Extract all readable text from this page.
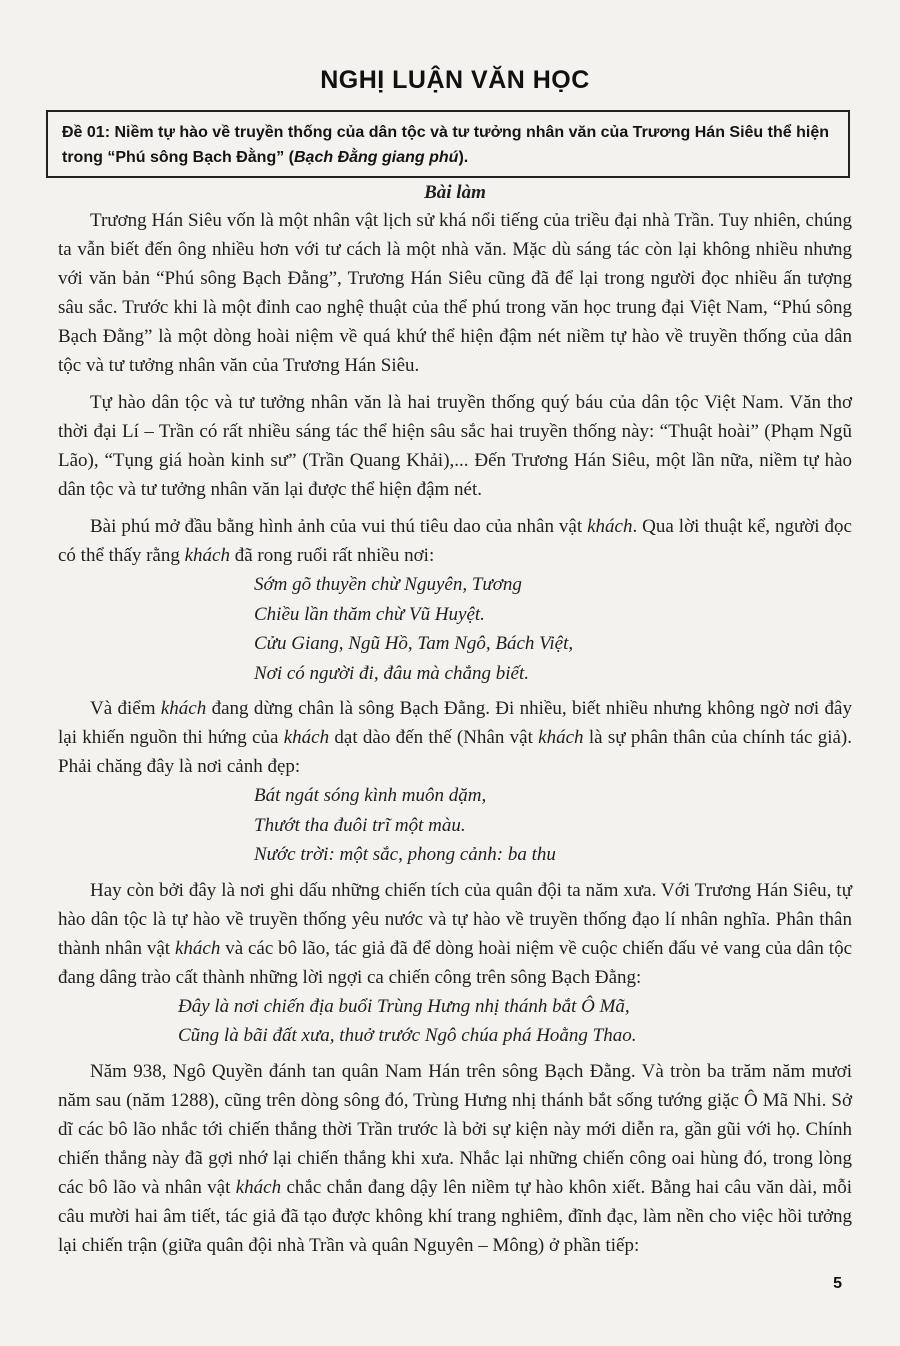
NGHỊ LUẬN VĂN HỌC
Đề 01: Niềm tự hào về truyền thống của dân tộc và tư tưởng nhân văn của Trương Hán Siêu thể hiện trong “Phú sông Bạch Đằng” (Bạch Đằng giang phú).
Bài làm

Trương Hán Siêu vốn là một nhân vật lịch sử khá nổi tiếng của triều đại nhà Trần. Tuy nhiên, chúng ta vẫn biết đến ông nhiều hơn với tư cách là một nhà văn. Mặc dù sáng tác còn lại không nhiều nhưng với văn bản “Phú sông Bạch Đằng”, Trương Hán Siêu cũng đã để lại trong người đọc nhiều ấn tượng sâu sắc. Trước khi là một đỉnh cao nghệ thuật của thể phú trong văn học trung đại Việt Nam, “Phú sông Bạch Đằng” là một dòng hoài niệm về quá khứ thể hiện đậm nét niềm tự hào về truyền thống của dân tộc và tư tưởng nhân văn của Trương Hán Siêu.

Tự hào dân tộc và tư tưởng nhân văn là hai truyền thống quý báu của dân tộc Việt Nam. Văn thơ thời đại Lí – Trần có rất nhiều sáng tác thể hiện sâu sắc hai truyền thống này: “Thuật hoài” (Phạm Ngũ Lão), “Tụng giá hoàn kinh sư” (Trần Quang Khải),... Đến Trương Hán Siêu, một lần nữa, niềm tự hào dân tộc và tư tưởng nhân văn lại được thể hiện đậm nét.

Bài phú mở đầu bằng hình ảnh của vui thú tiêu dao của nhân vật khách. Qua lời thuật kể, người đọc có thể thấy rằng khách đã rong ruổi rất nhiều nơi:

Sớm gõ thuyền chừ Nguyên, Tương
Chiều lần thăm chừ Vũ Huyệt.
Cửu Giang, Ngũ Hồ, Tam Ngô, Bách Việt,
Nơi có người đi, đâu mà chẳng biết.

Và điểm khách đang dừng chân là sông Bạch Đằng. Đi nhiều, biết nhiều nhưng không ngờ nơi đây lại khiến nguồn thi hứng của khách dạt dào đến thế (Nhân vật khách là sự phân thân của chính tác giả). Phải chăng đây là nơi cảnh đẹp:

Bát ngát sóng kình muôn dặm,
Thướt tha đuôi trĩ một màu.
Nước trời: một sắc, phong cảnh: ba thu

Hay còn bởi đây là nơi ghi dấu những chiến tích của quân đội ta năm xưa. Với Trương Hán Siêu, tự hào dân tộc là tự hào về truyền thống yêu nước và tự hào về truyền thống đạo lí nhân nghĩa. Phân thân thành nhân vật khách và các bô lão, tác giả đã để dòng hoài niệm về cuộc chiến đấu vẻ vang của dân tộc đang dâng trào cất thành những lời ngợi ca chiến công trên sông Bạch Đằng:

Đây là nơi chiến địa buổi Trùng Hưng nhị thánh bắt Ô Mã,
Cũng là bãi đất xưa, thuở trước Ngô chúa phá Hoằng Thao.

Năm 938, Ngô Quyền đánh tan quân Nam Hán trên sông Bạch Đằng. Và tròn ba trăm năm mươi năm sau (năm 1288), cũng trên dòng sông đó, Trùng Hưng nhị thánh bắt sống tướng giặc Ô Mã Nhi. Sở dĩ các bô lão nhắc tới chiến thắng thời Trần trước là bởi sự kiện này mới diễn ra, gần gũi với họ. Chính chiến thắng này đã gợi nhớ lại chiến thắng khi xưa. Nhắc lại những chiến công oai hùng đó, trong lòng các bô lão và nhân vật khách chắc chắn đang dậy lên niềm tự hào khôn xiết. Bằng hai câu văn dài, mỗi câu mười hai âm tiết, tác giả đã tạo được không khí trang nghiêm, đĩnh đạc, làm nền cho việc hồi tưởng lại chiến trận (giữa quân đội nhà Trần và quân Nguyên – Mông) ở phần tiếp:

5
